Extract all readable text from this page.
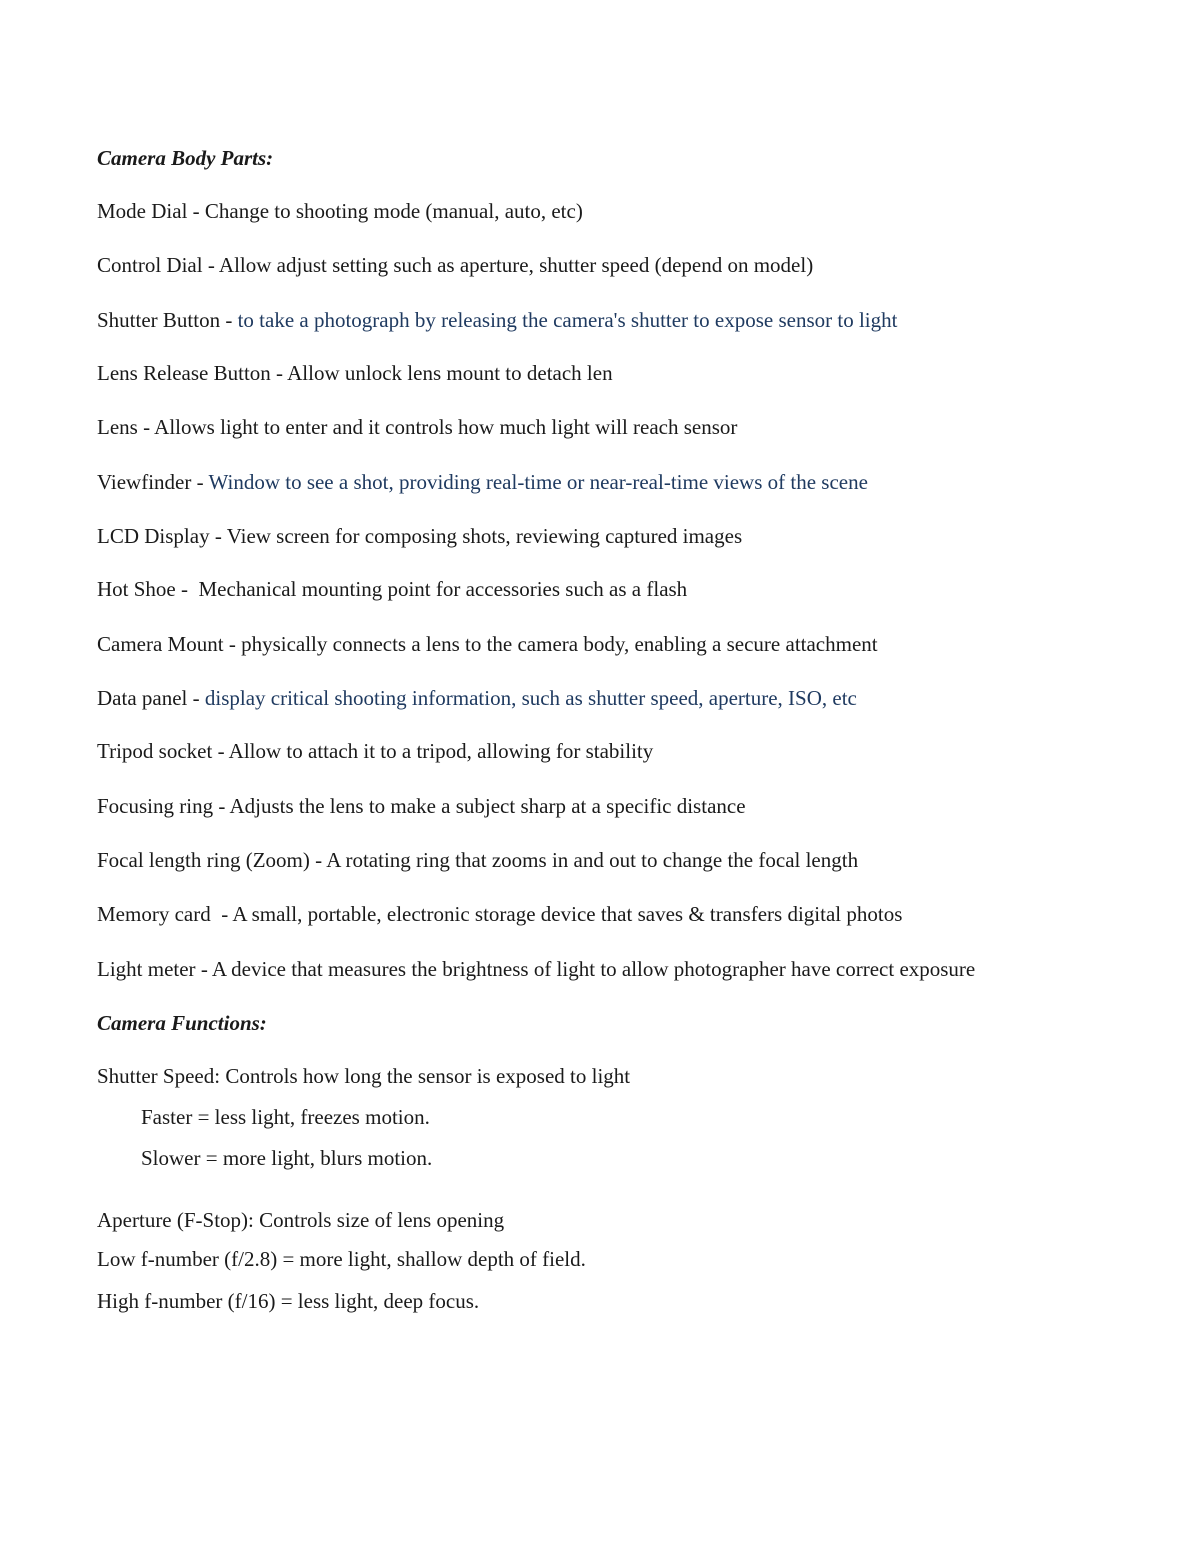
Camera Body Parts:
Mode Dial - Change to shooting mode (manual, auto, etc)
Control Dial - Allow adjust setting such as aperture, shutter speed (depend on model)
Shutter Button - to take a photograph by releasing the camera's shutter to expose sensor to light
Lens Release Button - Allow unlock lens mount to detach len
Lens - Allows light to enter and it controls how much light will reach sensor
Viewfinder - Window to see a shot, providing real-time or near-real-time views of the scene
LCD Display - View screen for composing shots, reviewing captured images
Hot Shoe -  Mechanical mounting point for accessories such as a flash
Camera Mount - physically connects a lens to the camera body, enabling a secure attachment
Data panel - display critical shooting information, such as shutter speed, aperture, ISO, etc
Tripod socket - Allow to attach it to a tripod, allowing for stability
Focusing ring - Adjusts the lens to make a subject sharp at a specific distance
Focal length ring (Zoom) - A rotating ring that zooms in and out to change the focal length
Memory card  - A small, portable, electronic storage device that saves & transfers digital photos
Light meter - A device that measures the brightness of light to allow photographer have correct exposure
Camera Functions:
Shutter Speed: Controls how long the sensor is exposed to light
Faster = less light, freezes motion.
Slower = more light, blurs motion.
Aperture (F-Stop): Controls size of lens opening
Low f-number (f/2.8) = more light, shallow depth of field.
High f-number (f/16) = less light, deep focus.
